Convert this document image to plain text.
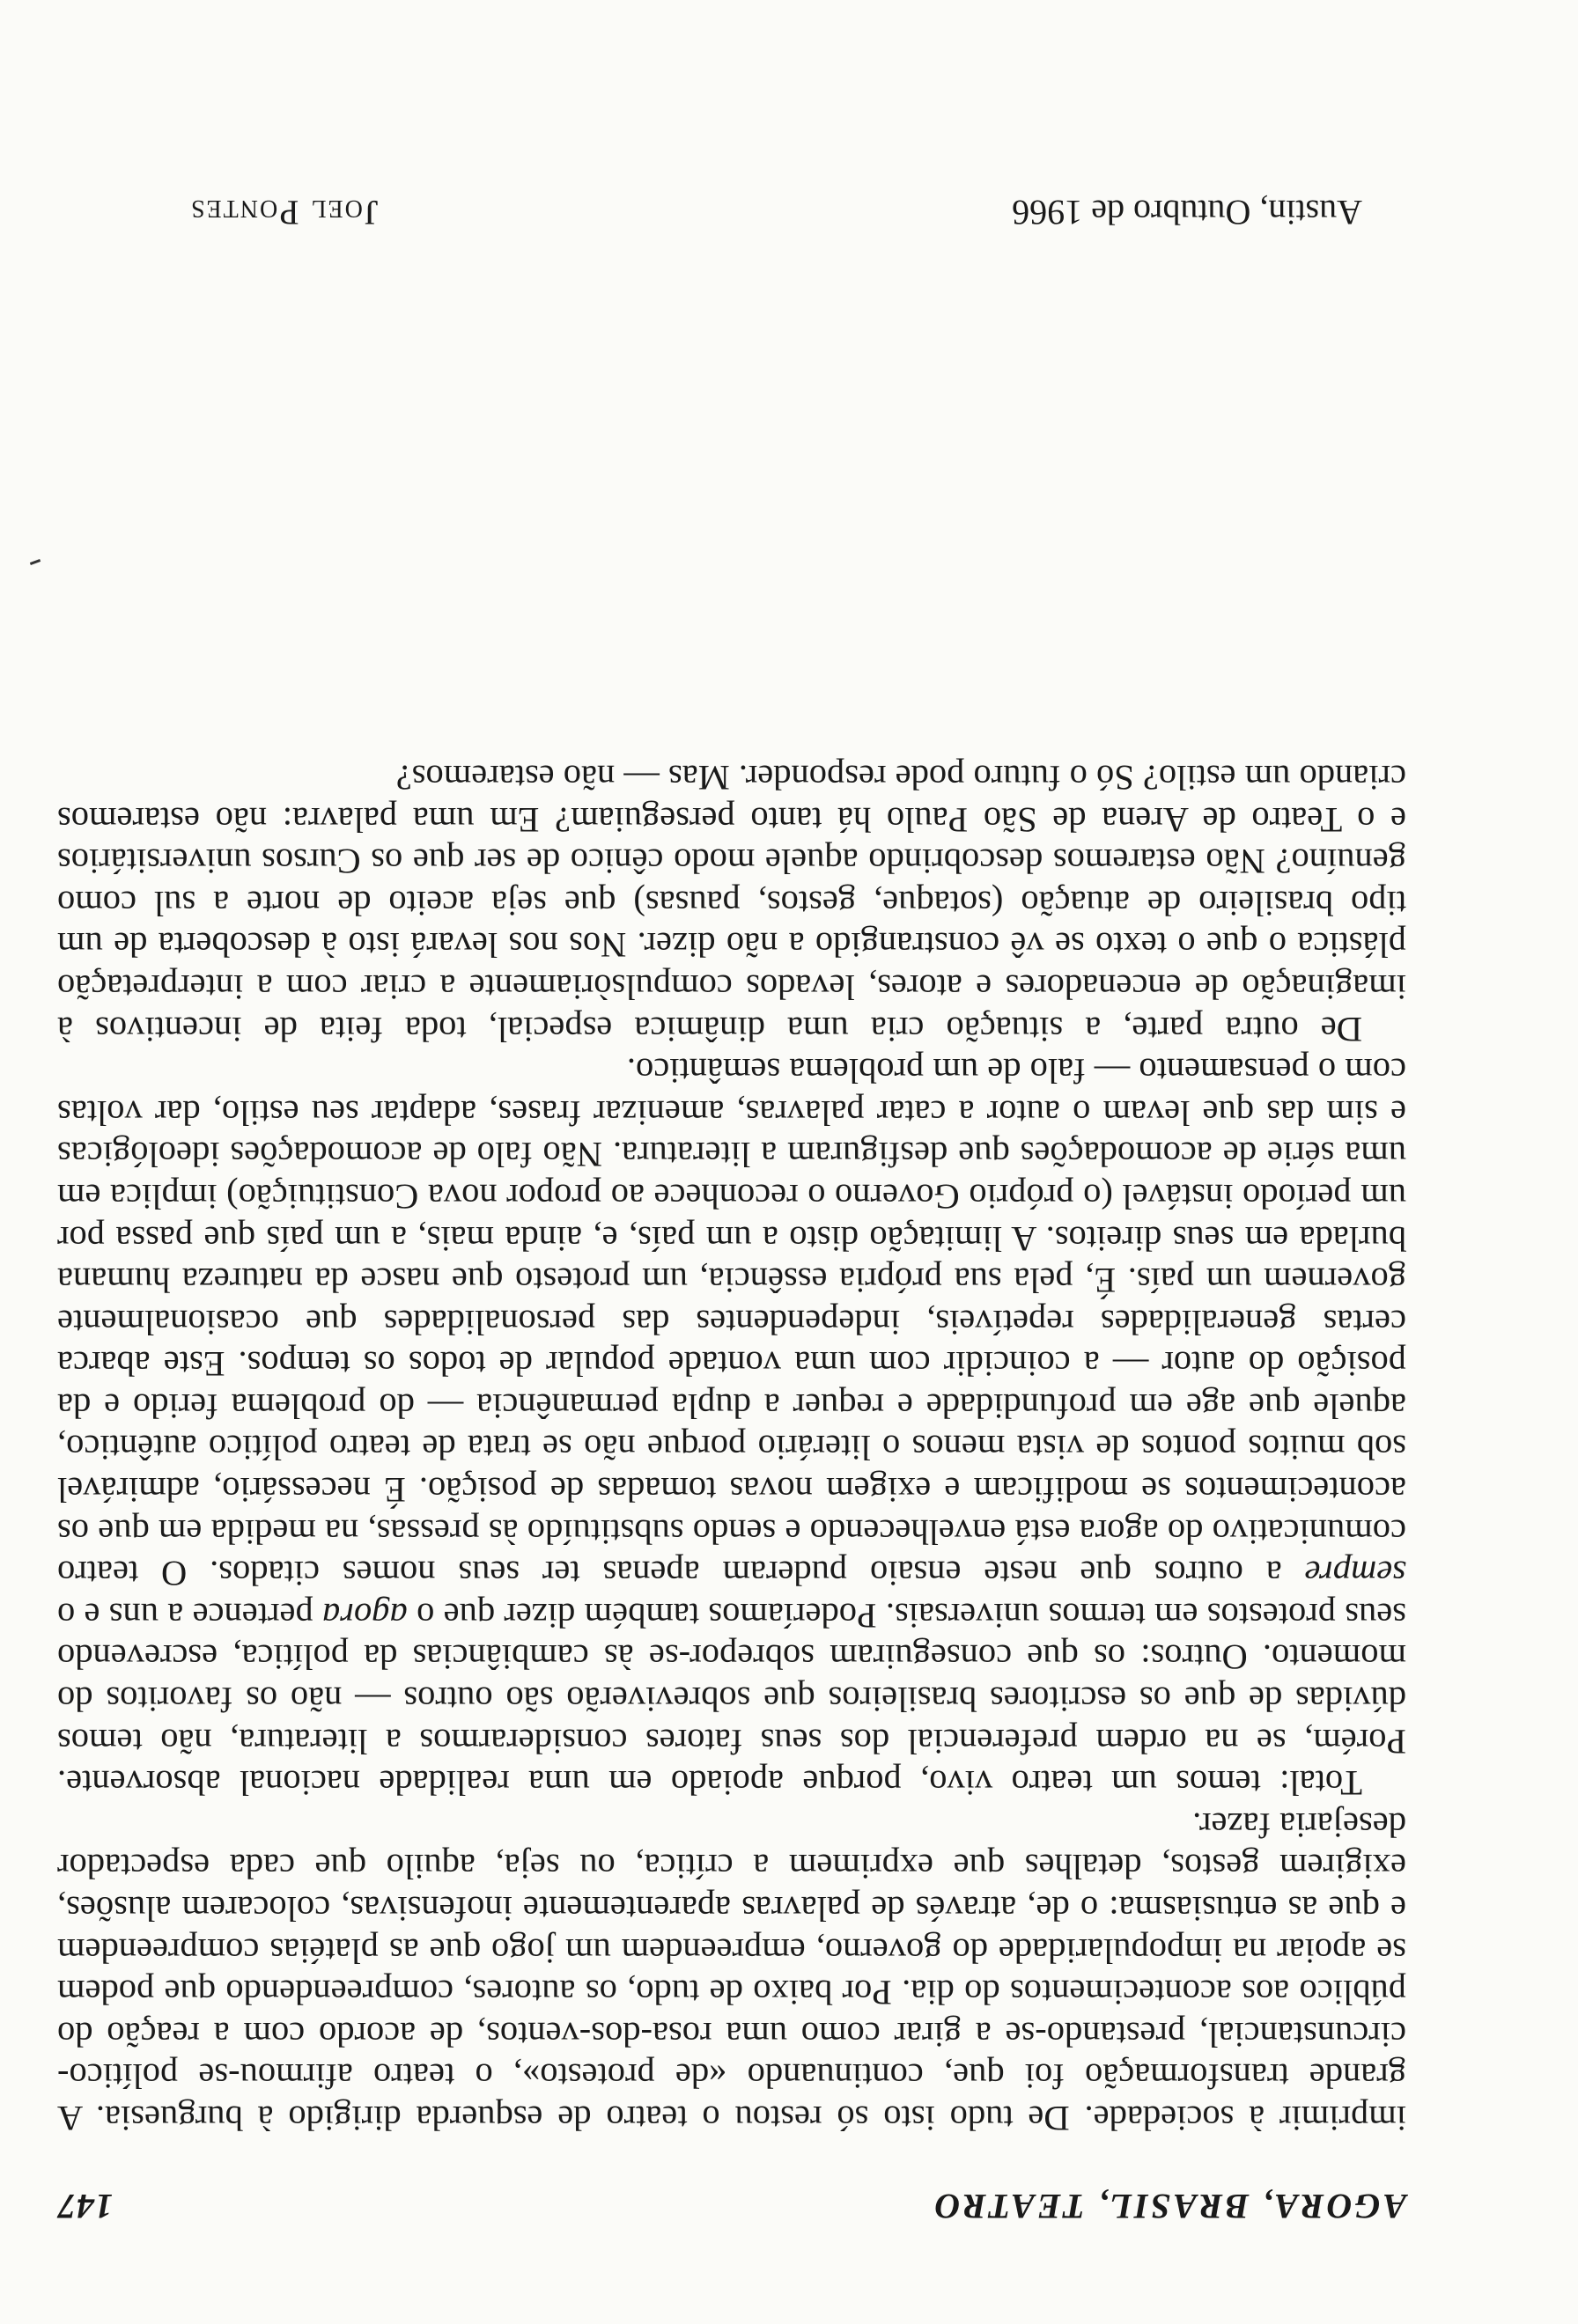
AGORA, BRASIL, TEATRO
147

imprimir à sociedade. De tudo isto só restou o teatro de esquerda dirigido à burguesia. A grande transformação foi que, continuando «de protesto», o teatro afirmou-se político-circunstancial, prestando-se a girar como uma rosa-dos-ventos, de acordo com a reação do público aos acontecimentos do dia. Por baixo de tudo, os autores, compreendendo que podem se apoiar na impopularidade do governo, empreendem um jogo que as platéias compreendem e que as entusiasma: o de, através de palavras aparentemente inofensivas, colocarem alusões, exigirem gestos, detalhes que exprimem a crítica, ou seja, aquilo que cada espectador desejaria fazer.

Total: temos um teatro vivo, porque apoiado em uma realidade nacional absorvente. Porém, se na ordem preferencial dos seus fatores considerarmos a literatura, não temos dúvidas de que os escritores brasileiros que sobreviverão são outros — não os favoritos do momento. Outros: os que conseguiram sobrepor-se às cambiâncias da política, escrevendo seus protestos em termos universais. Poderíamos também dizer que o agora pertence a uns e o sempre a outros que neste ensaio puderam apenas ter seus nomes citados. O teatro comunicativo do agora está envelhecendo e sendo substituído às pressas, na medida em que os acontecimentos se modificam e exigem novas tomadas de posição. É necessário, admirável sob muitos pontos de vista menos o literário porque não se trata de teatro político autêntico, aquele que age em profundidade e requer a dupla permanência — do problema ferido e da posição do autor — a coincidir com uma vontade popular de todos os tempos. Este abarca certas generalidades repetíveis, independentes das personalidades que ocasionalmente governem um país. É, pela sua própria essência, um protesto que nasce da natureza humana burlada em seus direitos. A limitação disto a um país, e, ainda mais, a um país que passa por um período instável (o próprio Governo o reconhece ao propor nova Constituição) implica em uma série de acomodações que desfiguram a literatura. Não falo de acomodações ideológicas e sim das que levam o autor a catar palavras, amenizar frases, adaptar seu estilo, dar voltas com o pensamento — falo de um problema semântico.

De outra parte, a situação cria uma dinâmica especial, toda feita de incentivos à imaginação de encenadores e atores, levados compulsòriamente a criar com a interpretação plástica o que o texto se vê constrangido a não dizer. Nos nos levará isto à descoberta de um tipo brasileiro de atuação (sotaque, gestos, pausas) que seja aceito de norte a sul como genuíno? Não estaremos descobrindo aquele modo cênico de ser que os Cursos universitários e o Teatro de Arena de São Paulo há tanto perseguiam? Em uma palavra: não estaremos criando um estilo? Só o futuro pode responder. Mas — não estaremos?

Austin, Outubro de 1966
Joel Pontes
